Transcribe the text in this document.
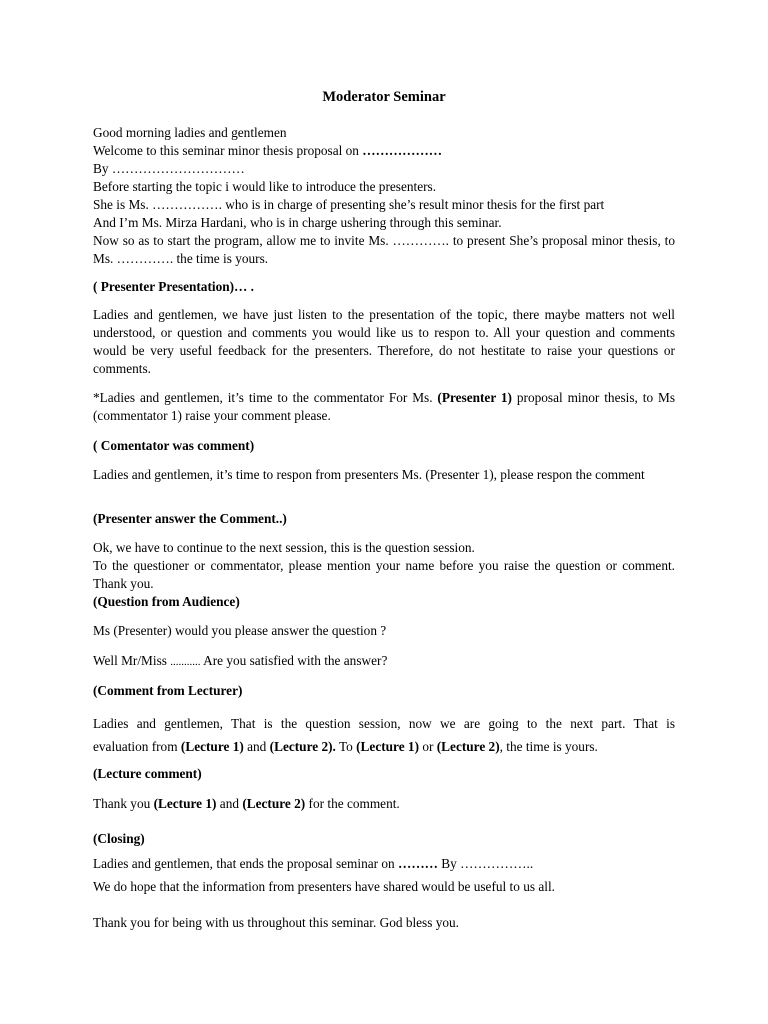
Moderator Seminar

Good morning ladies and gentlemen

Welcome to this seminar minor thesis proposal on ………………

By …………………………

Before starting the topic i would like to introduce the presenters.

She is Ms. ……………. who is in charge of presenting she’s result minor thesis for the first part

And I’m Ms. Mirza Hardani, who is in charge ushering through this seminar.

Now so as to start the program, allow me to invite Ms. …………. to present She’s proposal minor thesis, to Ms. …………. the time is yours.

( Presenter Presentation)… .

Ladies and gentlemen, we have just listen to the presentation of the topic, there maybe matters not well understood, or question and comments you would like us to respon to. All your question and comments would be very useful feedback for the presenters. Therefore, do not hestitate to raise your questions or comments.
*Ladies and gentlemen, it’s time to the commentator For Ms. (Presenter 1) proposal minor thesis, to Ms (commentator 1) raise your comment please.
( Comentator was comment)
Ladies and gentlemen, it’s time to respon from presenters Ms. (Presenter 1), please respon the comment
(Presenter answer the Comment..)

Ok, we have to continue to the next session, this is the question session.

To the questioner or commentator, please mention your name before you raise the question or comment. Thank you.

(Question from Audience)

Ms (Presenter) would you please answer the question ?
Well Mr/Miss ........... Are you satisfied with the answer?
(Comment from Lecturer)

Ladies and gentlemen, That is the question session, now we are going to the next part. That is

evaluation from (Lecture 1) and (Lecture 2). To (Lecture 1) or (Lecture 2), the time is yours.

(Lecture comment)
Thank you (Lecture 1) and (Lecture 2) for the comment.
(Closing)
Ladies and gentlemen, that ends the proposal seminar on ……… By ……………..
We do hope that the information from presenters have shared would be useful to us all.
Thank you for being with us throughout this seminar. God bless you.
